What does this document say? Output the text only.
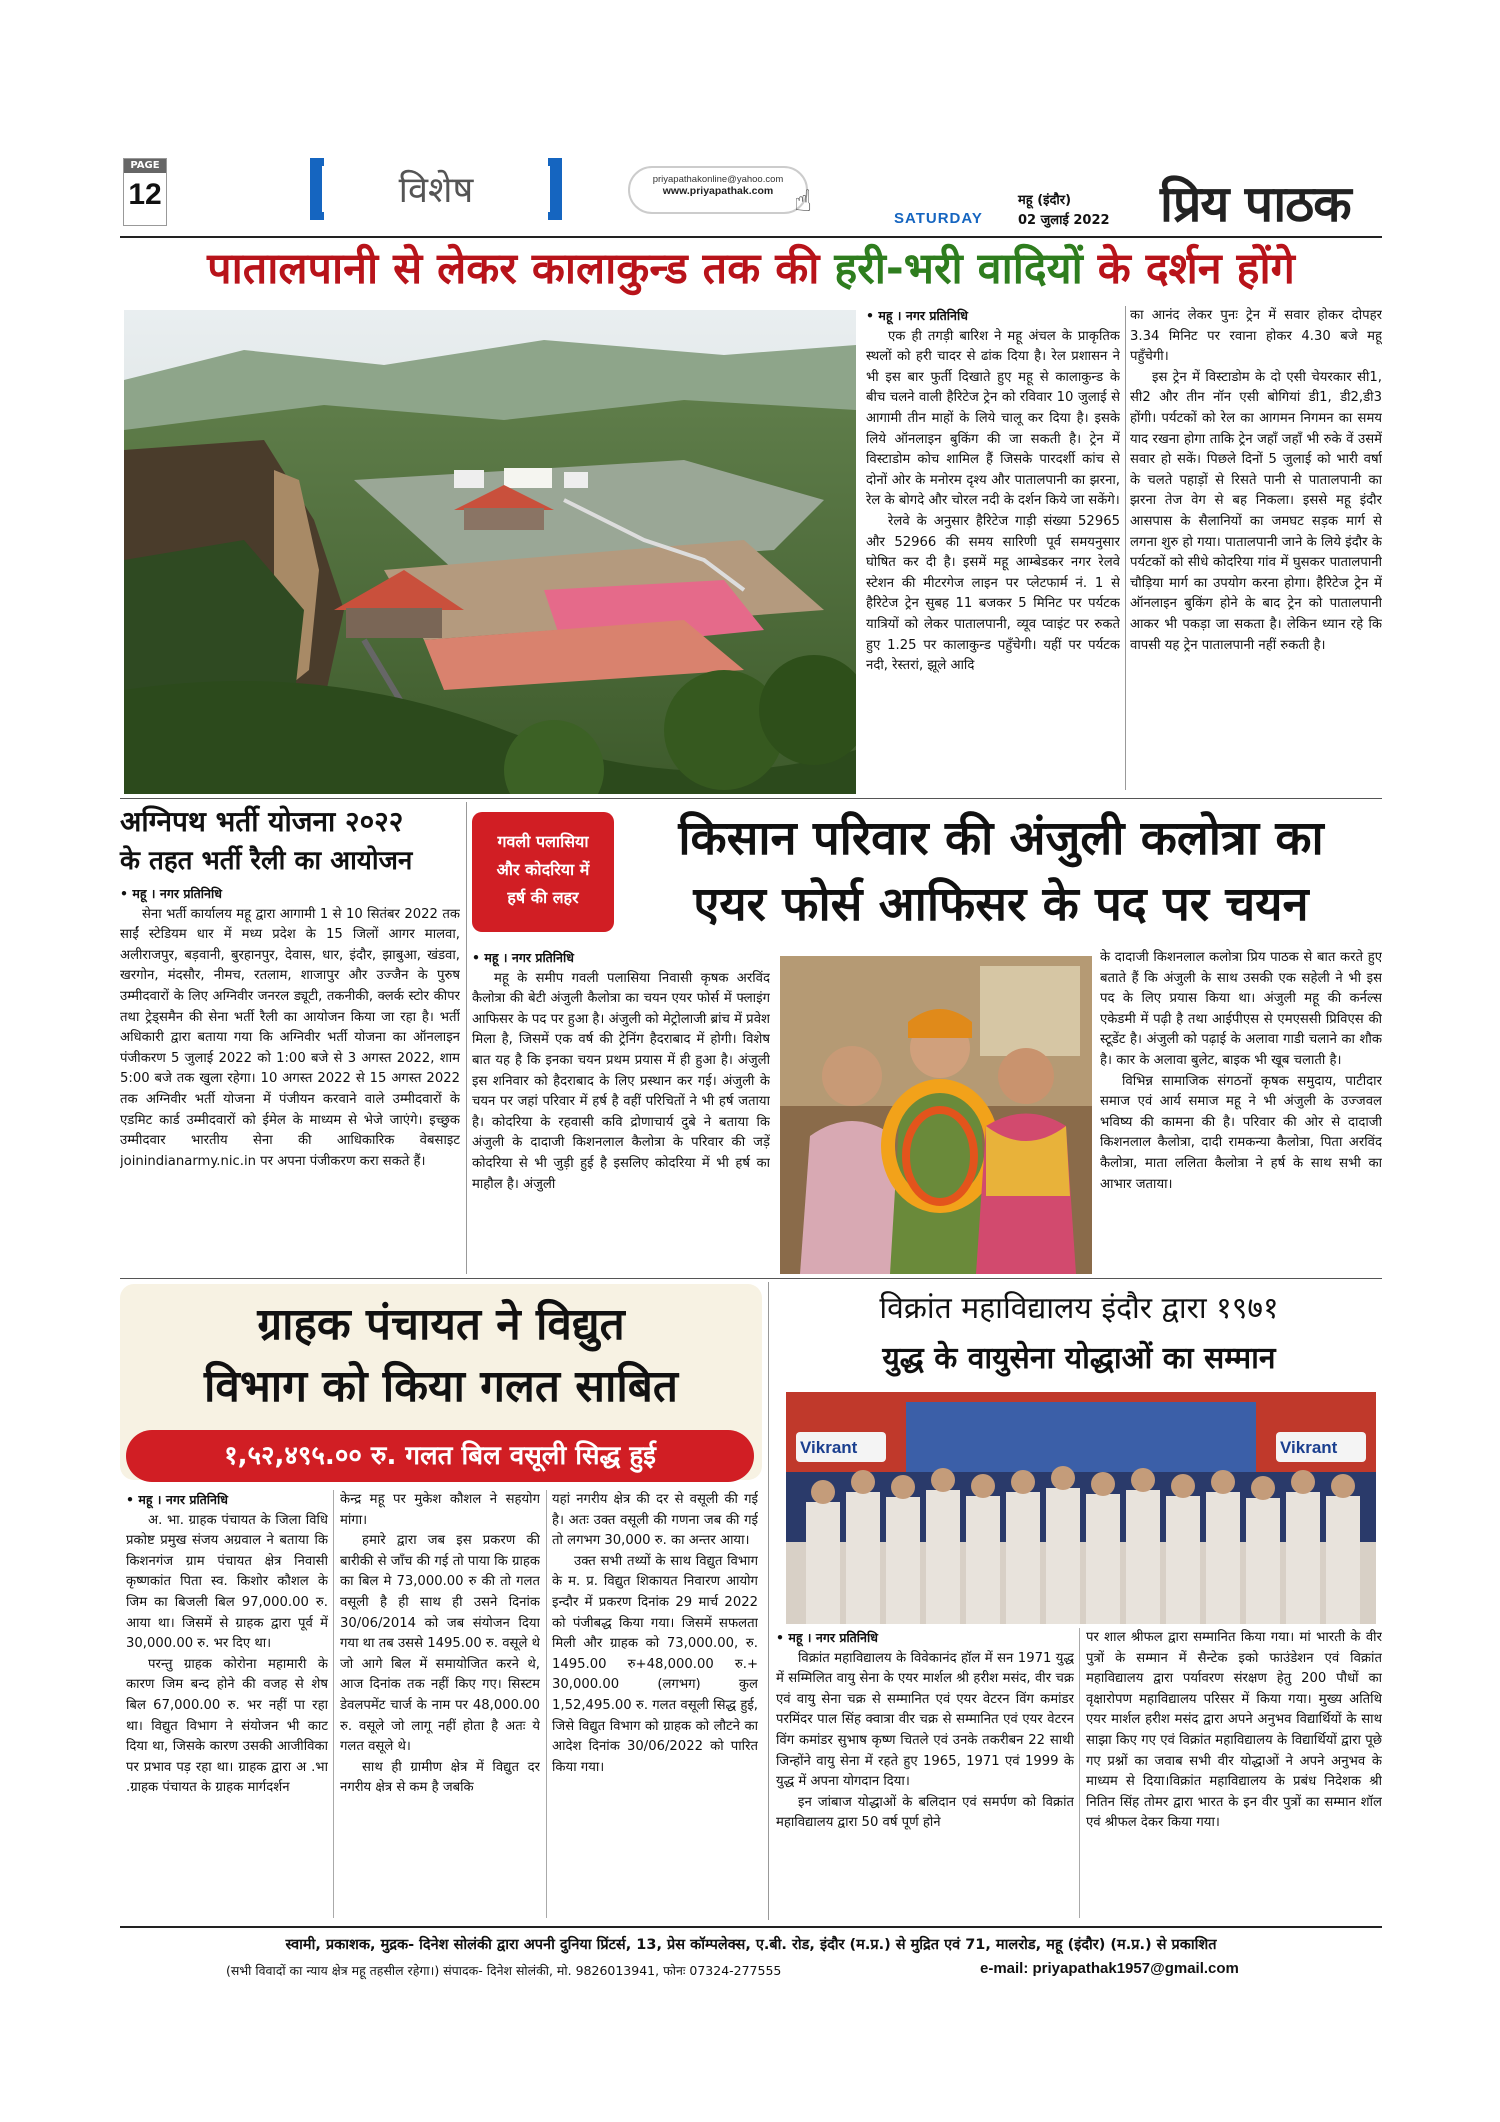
PAGE
12	विशेष	priyapathakonline@yahoo.com
www.priyapathak.com ☝	SATURDAY
महू (इंदौर)
02 जुलाई 2022 प्रिय पाठक
पातालपानी से लेकर कालाकुन्ड तक की हरी-भरी वादियों के दर्शन होंगे
• महू । नगर प्रतिनिधि

एक ही तगड़ी बारिश ने महू अंचल के प्राकृतिक स्थलों को हरी चादर से ढांक दिया है। रेल प्रशासन ने भी इस बार फुर्ती दिखाते हुए महू से कालाकुन्ड के बीच चलने वाली हैरिटेज ट्रेन को रविवार 10 जुलाई से आगामी तीन माहों के लिये चालू कर दिया है। इसके लिये ऑनलाइन बुकिंग की जा सकती है। ट्रेन में विस्टाडोम कोच शामिल हैं जिसके पारदर्शी कांच से दोनों ओर के मनोरम दृश्य और पातालपानी का झरना, रेल के बोगदे और चोरल नदी के दर्शन किये जा सकेंगे।

रेलवे के अनुसार हैरिटेज गाड़ी संख्या 52965 और 52966 की समय सारिणी पूर्व समयनुसार घोषित कर दी है। इसमें महू आम्बेडकर नगर रेलवे स्टेशन की मीटरगेज लाइन पर प्लेटफार्म नं. 1 से हैरिटेज ट्रेन सुबह 11 बजकर 5 मिनिट पर पर्यटक यात्रियों को लेकर पातालपानी, व्यूव प्वाइंट पर रुकते हुए 1.25 पर कालाकुन्ड पहुँचेगी। यहीं पर पर्यटक नदी, रेस्तरां, झूले आदि

का आनंद लेकर पुनः ट्रेन में सवार होकर दोपहर 3.34 मिनिट पर रवाना होकर 4.30 बजे महू पहुँचेगी।

इस ट्रेन में विस्टाडोम के दो एसी चेयरकार सी1, सी2 और तीन नॉन एसी बोगियां डी1, डी2,डी3 होंगी। पर्यटकों को रेल का आगमन निगमन का समय याद रखना होगा ताकि ट्रेन जहाँ जहाँ भी रुके वें उसमें सवार हो सकें। पिछले दिनों 5 जुलाई को भारी वर्षा के चलते पहाड़ों से रिसते पानी से पातालपानी का झरना तेज वेग से बह निकला। इससे महू इंदौर आसपास के सैलानियों का जमघट सड़क मार्ग से लगना शुरु हो गया। पातालपानी जाने के लिये इंदौर के पर्यटकों को सीधे कोदरिया गांव में घुसकर पातालपानी चौड़िया मार्ग का उपयोग करना होगा। हैरिटेज ट्रेन में ऑनलाइन बुकिंग होने के बाद ट्रेन को पातालपानी आकर भी पकड़ा जा सकता है। लेकिन ध्यान रहे कि वापसी यह ट्रेन पातालपानी नहीं रुकती है।

अग्निपथ भर्ती योजना २०२२
के तहत भर्ती रैली का आयोजन
• महू । नगर प्रतिनिधि

सेना भर्ती कार्यालय महू द्वारा आगामी 1 से 10 सितंबर 2022 तक साईं स्टेडियम धार में मध्य प्रदेश के 15 जिलों आगर मालवा, अलीराजपुर, बड़वानी, बुरहानपुर, देवास, धार, इंदौर, झाबुआ, खंडवा, खरगोन, मंदसौर, नीमच, रतलाम, शाजापुर और उज्जैन के पुरुष उम्मीदवारों के लिए अग्निवीर जनरल ड्यूटी, तकनीकी, क्लर्क स्टोर कीपर तथा ट्रेड्समैन की सेना भर्ती रैली का आयोजन किया जा रहा है। भर्ती अधिकारी द्वारा बताया गया कि अग्निवीर भर्ती योजना का ऑनलाइन पंजीकरण 5 जुलाई 2022 को 1:00 बजे से 3 अगस्त 2022, शाम 5:00 बजे तक खुला रहेगा। 10 अगस्त 2022 से 15 अगस्त 2022 तक अग्निवीर भर्ती योजना में पंजीयन करवाने वाले उम्मीदवारों के एडमिट कार्ड उम्मीदवारों को ईमेल के माध्यम से भेजे जाएंगे। इच्छुक उम्मीदवार भारतीय सेना की आधिकारिक वेबसाइट joinindianarmy.nic.in पर अपना पंजीकरण करा सकते हैं।

गवली पलासिया
और कोदरिया में
हर्ष की लहर
किसान परिवार की अंजुली कलोत्रा का
एयर फोर्स आफिसर के पद पर चयन
• महू । नगर प्रतिनिधि

महू के समीप गवली पलासिया निवासी कृषक अरविंद कैलोत्रा की बेटी अंजुली कैलोत्रा का चयन एयर फोर्स में फ्लाइंग आफिसर के पद पर हुआ है। अंजुली को मेट्रोलाजी ब्रांच में प्रवेश मिला है, जिसमें एक वर्ष की ट्रेनिंग हैदराबाद में होगी। विशेष बात यह है कि इनका चयन प्रथम प्रयास में ही हुआ है। अंजुली इस शनिवार को हैदराबाद के लिए प्रस्थान कर गई। अंजुली के चयन पर जहां परिवार में हर्ष है वहीं परिचितों ने भी हर्ष जताया है। कोदरिया के रहवासी कवि द्रोणाचार्य दुबे ने बताया कि अंजुली के दादाजी किशनलाल कैलोत्रा के परिवार की जड़ें कोदरिया से भी जुड़ी हुई है इसलिए कोदरिया में भी हर्ष का माहौल है। अंजुली

के दादाजी किशनलाल कलोत्रा प्रिय पाठक से बात करते हुए बताते हैं कि अंजुली के साथ उसकी एक सहेली ने भी इस पद के लिए प्रयास किया था। अंजुली महू की कर्नल्स एकेडमी में पढ़ी है तथा आईपीएस से एमएससी प्रिविएस की स्टूडेंट है। अंजुली को पढ़ाई के अलावा गाडी चलाने का शौक है। कार के अलावा बुलेट, बाइक भी खूब चलाती है।

विभिन्न सामाजिक संगठनों कृषक समुदाय, पाटीदार समाज एवं आर्य समाज महू ने भी अंजुली के उज्जवल भविष्य की कामना की है। परिवार की ओर से दादाजी किशनलाल कैलोत्रा, दादी रामकन्या कैलोत्रा, पिता अरविंद कैलोत्रा, माता ललिता कैलोत्रा ने हर्ष के साथ सभी का आभार जताया।

ग्राहक पंचायत ने विद्युत
विभाग को किया गलत साबित
१,५२,४९५.०० रु. गलत बिल वसूली सिद्ध हुई
• महू । नगर प्रतिनिधि

अ. भा. ग्राहक पंचायत के जिला विधि प्रकोष्ट प्रमुख संजय अग्रवाल ने बताया कि किशनगंज ग्राम पंचायत क्षेत्र निवासी कृष्णकांत पिता स्व. किशोर कौशल के जिम का बिजली बिल 97,000.00 रु. आया था। जिसमें से ग्राहक द्वारा पूर्व में 30,000.00 रु. भर दिए था।

परन्तु ग्राहक कोरोना महामारी के कारण जिम बन्द होने की वजह से शेष बिल 67,000.00 रु. भर नहीं पा रहा था। विद्युत विभाग ने संयोजन भी काट दिया था, जिसके कारण उसकी आजीविका पर प्रभाव पड़ रहा था। ग्राहक द्वारा अ .भा .ग्राहक पंचायत के ग्राहक मार्गदर्शन

केन्द्र महू पर मुकेश कौशल ने सहयोग मांगा।

हमारे द्वारा जब इस प्रकरण की बारीकी से जाँच की गई तो पाया कि ग्राहक का बिल मे 73,000.00 रु की तो गलत वसूली है ही साथ ही उसने दिनांक 30/06/2014 को जब संयोजन दिया गया था तब उससे 1495.00 रु. वसूले थे जो आगे बिल में समायोजित करने थे, आज दिनांक तक नहीं किए गए। सिस्टम डेवलपमेंट चार्ज के नाम पर 48,000.00 रु. वसूले जो लागू नहीं होता है अतः ये गलत वसूले थे।

साथ ही ग्रामीण क्षेत्र में विद्युत दर नगरीय क्षेत्र से कम है जबकि

यहां नगरीय क्षेत्र की दर से वसूली की गई है। अतः उक्त वसूली की गणना जब की गई तो लगभग 30,000 रु. का अन्तर आया।

उक्त सभी तथ्यों के साथ विद्युत विभाग के म. प्र. विद्युत शिकायत निवारण आयोग इन्दौर में प्रकरण दिनांक 29 मार्च 2022 को पंजीबद्ध किया गया। जिसमें सफलता मिली और ग्राहक को 73,000.00, रु. 1495.00 रु+48,000.00 रु.+ 30,000.00 (लगभग) कुल 1,52,495.00 रु. गलत वसूली सिद्ध हुई, जिसे विद्युत विभाग को ग्राहक को लौटने का आदेश दिनांक 30/06/2022 को पारित किया गया।

विक्रांत महाविद्यालय इंदौर द्वारा १९७१
युद्ध के वायुसेना योद्धाओं का सम्मान
Vikrant	Vikrant
• महू । नगर प्रतिनिधि

विक्रांत महाविद्यालय के विवेकानंद हॉल में सन 1971 युद्ध में सम्मिलित वायु सेना के एयर मार्शल श्री हरीश मसंद, वीर चक्र एवं वायु सेना चक्र से सम्मानित एवं एयर वेटरन विंग कमांडर परमिंदर पाल सिंह क्वात्रा वीर चक्र से सम्मानित एवं एयर वेटरन विंग कमांडर सुभाष कृष्ण चितले एवं उनके तकरीबन 22 साथी जिन्होंने वायु सेना में रहते हुए 1965, 1971 एवं 1999 के युद्ध में अपना योगदान दिया।

इन जांबाज योद्धाओं के बलिदान एवं समर्पण को विक्रांत महाविद्यालय द्वारा 50 वर्ष पूर्ण होने

पर शाल श्रीफल द्वारा सम्मानित किया गया। मां भारती के वीर पुत्रों के सम्मान में सैन्टेक इको फाउंडेशन एवं विक्रांत महाविद्यालय द्वारा पर्यावरण संरक्षण हेतु 200 पौधों का वृक्षारोपण महाविद्यालय परिसर में किया गया। मुख्य अतिथि एयर मार्शल हरीश मसंद द्वारा अपने अनुभव विद्यार्थियों के साथ साझा किए गए एवं विक्रांत महाविद्यालय के विद्यार्थियों द्वारा पूछे गए प्रश्नों का जवाब सभी वीर योद्धाओं ने अपने अनुभव के माध्यम से दिया।विक्रांत महाविद्यालय के प्रबंध निदेशक श्री नितिन सिंह तोमर द्वारा भारत के इन वीर पुत्रों का सम्मान शॉल एवं श्रीफल देकर किया गया।

स्वामी, प्रकाशक, मुद्रक- दिनेश सोलंकी द्वारा अपनी दुनिया प्रिंटर्स, 13, प्रेस कॉम्पलेक्स, ए.बी. रोड, इंदौर (म.प्र.) से मुद्रित एवं 71, मालरोड, महू (इंदौर) (म.प्र.) से प्रकाशित
(सभी विवादों का न्याय क्षेत्र महू तहसील रहेगा।) संपादक- दिनेश सोलंकी, मो. 9826013941, फोनः 07324-277555	e-mail: priyapathak1957@gmail.com
